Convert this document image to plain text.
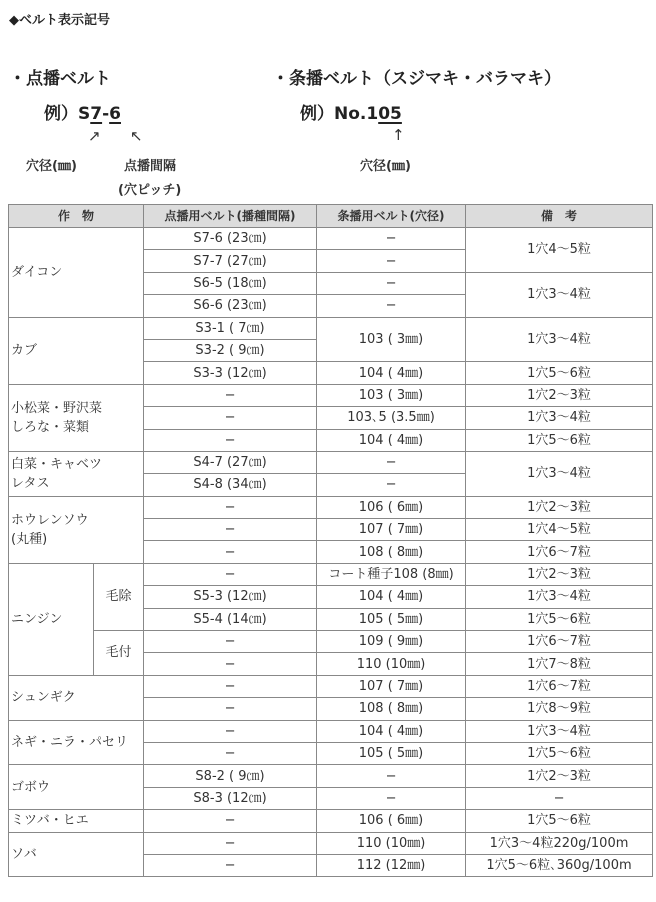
◆ベルト表示記号
・点播ベルト
例）S7-6
↗ ↖
穴径(㎜)	点播間隔
(穴ピッチ)
・条播ベルト（スジマキ・バラマキ）
例）No.105
↑
穴径(㎜)
作　物		点播用ベルト(播種間隔)	条播用ベルト(穴径)	備　考
ダイコン		S7-6 (23㎝)	−	1穴4～5粒
		S7-7 (27㎝)	−	
		S6-5 (18㎝)	−	1穴3～4粒
		S6-6 (23㎝)	−	
カブ		S3-1 ( 7㎝)	103 ( 3㎜)	1穴3～4粒
		S3-2 ( 9㎝)		
		S3-3 (12㎝)	104 ( 4㎜)	1穴5～6粒

小松菜・野沢菜
しろな・菜類		−	103 ( 3㎜)	1穴2～3粒
		−	103､5 (3.5㎜)	1穴3～4粒
		−	104 ( 4㎜)	1穴5～6粒

白菜・キャベツ
レタス		S4-7 (27㎝)	−	1穴3～4粒
		S4-8 (34㎝)	−	

ホウレンソウ
(丸種)		−	106 ( 6㎜)	1穴2～3粒
		−	107 ( 7㎜)	1穴4～5粒
		−	108 ( 8㎜)	1穴6～7粒
ニンジン	毛除	−	コート種子108 (8㎜)	1穴2～3粒
		S5-3 (12㎝)	104 ( 4㎜)	1穴3～4粒
		S5-4 (14㎝)	105 ( 5㎜)	1穴5～6粒
	毛付	−	109 ( 9㎜)	1穴6～7粒
		−	110 (10㎜)	1穴7～8粒
シュンギク		−	107 ( 7㎜)	1穴6～7粒
		−	108 ( 8㎜)	1穴8～9粒
ネギ・ニラ・パセリ		−	104 ( 4㎜)	1穴3～4粒
		−	105 ( 5㎜)	1穴5～6粒
ゴボウ		S8-2 ( 9㎝)	−	1穴2～3粒
		S8-3 (12㎝)	−	−
ミツバ・ヒエ		−	106 ( 6㎜)	1穴5～6粒
ソバ		−	110 (10㎜)	1穴3～4粒220g/100m
		−	112 (12㎜)	1穴5～6粒､360g/100m
